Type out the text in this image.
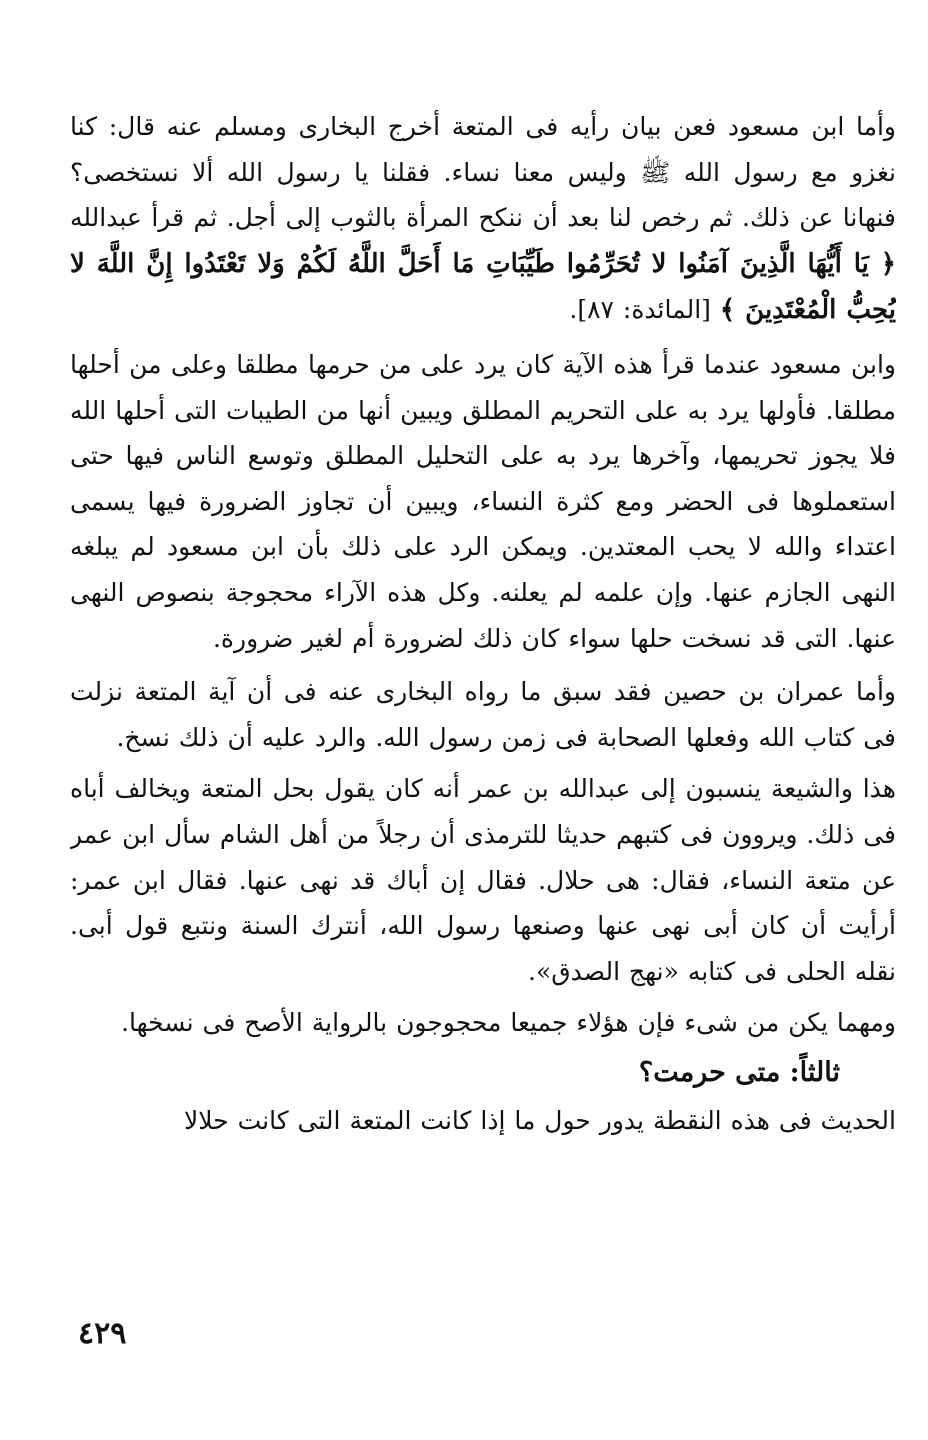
وأما ابن مسعود فعن بيان رأيه فى المتعة أخرج البخارى ومسلم عنه قال: كنا نغزو مع رسول الله ﷺ وليس معنا نساء. فقلنا يا رسول الله ألا نستخصى؟ فنهانا عن ذلك. ثم رخص لنا بعد أن ننكح المرأة بالثوب إلى أجل. ثم قرأ عبدالله ﴿ يَا أَيُّهَا الَّذِينَ آمَنُوا لا تُحَرِّمُوا طَيِّبَاتِ مَا أَحَلَّ اللَّهُ لَكُمْ وَلا تَعْتَدُوا إِنَّ اللَّهَ لا يُحِبُّ الْمُعْتَدِينَ ﴾ [المائدة: ٨٧].

وابن مسعود عندما قرأ هذه الآية كان يرد على من حرمها مطلقا وعلى من أحلها مطلقا. فأولها يرد به على التحريم المطلق ويبين أنها من الطيبات التى أحلها الله فلا يجوز تحريمها، وآخرها يرد به على التحليل المطلق وتوسع الناس فيها حتى استعملوها فى الحضر ومع كثرة النساء، ويبين أن تجاوز الضرورة فيها يسمى اعتداء والله لا يحب المعتدين. ويمكن الرد على ذلك بأن ابن مسعود لم يبلغه النهى الجازم عنها. وإن علمه لم يعلنه. وكل هذه الآراء محجوجة بنصوص النهى عنها. التى قد نسخت حلها سواء كان ذلك لضرورة أم لغير ضرورة.

وأما عمران بن حصين فقد سبق ما رواه البخارى عنه فى أن آية المتعة نزلت فى كتاب الله وفعلها الصحابة فى زمن رسول الله. والرد عليه أن ذلك نسخ.

هذا والشيعة ينسبون إلى عبدالله بن عمر أنه كان يقول بحل المتعة ويخالف أباه فى ذلك. ويروون فى كتبهم حديثا للترمذى أن رجلاً من أهل الشام سأل ابن عمر عن متعة النساء، فقال: هى حلال. فقال إن أباك قد نهى عنها. فقال ابن عمر: أرأيت أن كان أبى نهى عنها وصنعها رسول الله، أنترك السنة ونتبع قول أبى. نقله الحلى فى كتابه «نهج الصدق».

ومهما يكن من شىء فإن هؤلاء جميعا محجوجون بالرواية الأصح فى نسخها.

ثالثاً: متى حرمت؟

الحديث فى هذه النقطة يدور حول ما إذا كانت المتعة التى كانت حلالا

٤٢٩
